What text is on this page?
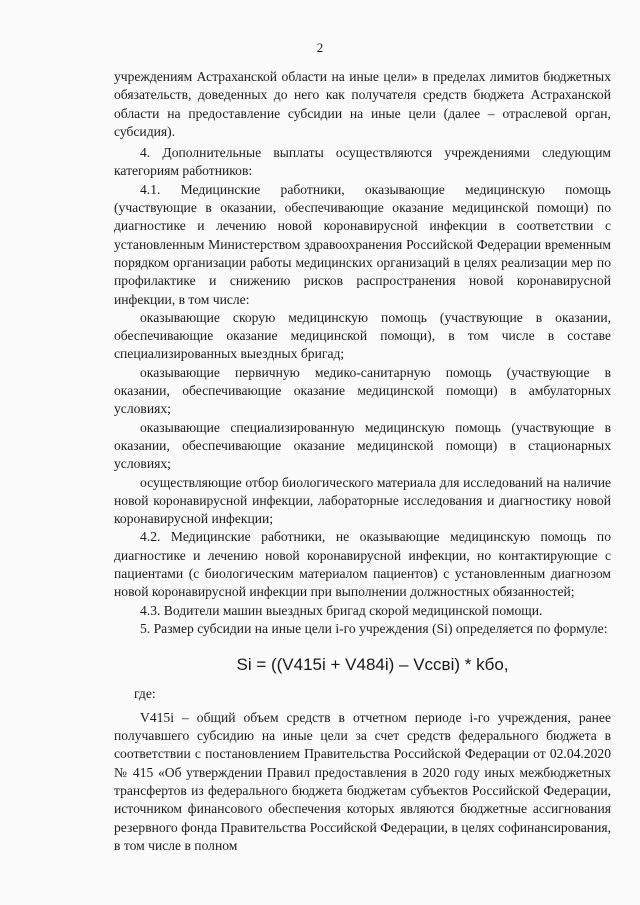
2

учреждениям Астраханской области на иные цели» в пределах лимитов бюджетных обязательств, доведенных до него как получателя средств бюджета Астраханской области на предоставление субсидии на иные цели (далее – отраслевой орган, субсидия).

4. Дополнительные выплаты осуществляются учреждениями следующим категориям работников:

4.1. Медицинские работники, оказывающие медицинскую помощь (участвующие в оказании, обеспечивающие оказание медицинской помощи) по диагностике и лечению новой коронавирусной инфекции в соответствии с установленным Министерством здравоохранения Российской Федерации временным порядком организации работы медицинских организаций в целях реализации мер по профилактике и снижению рисков распространения новой коронавирусной инфекции, в том числе:

оказывающие скорую медицинскую помощь (участвующие в оказании, обеспечивающие оказание медицинской помощи), в том числе в составе специализированных выездных бригад;

оказывающие первичную медико-санитарную помощь (участвующие в оказании, обеспечивающие оказание медицинской помощи) в амбулаторных условиях;

оказывающие специализированную медицинскую помощь (участвующие в оказании, обеспечивающие оказание медицинской помощи) в стационарных условиях;

осуществляющие отбор биологического материала для исследований на наличие новой коронавирусной инфекции, лабораторные исследования и диагностику новой коронавирусной инфекции;

4.2. Медицинские работники, не оказывающие медицинскую помощь по диагностике и лечению новой коронавирусной инфекции, но контактирующие с пациентами (с биологическим материалом пациентов) с установленным диагнозом новой коронавирусной инфекции при выполнении должностных обязанностей;

4.3. Водители машин выездных бригад скорой медицинской помощи.

5. Размер субсидии на иные цели i-го учреждения (Si) определяется по формуле:

Si = ((V415i + V484i) – Vccвi) * kбо,
где:

V415i – общий объем средств в отчетном периоде i-го учреждения, ранее получавшего субсидию на иные цели за счет средств федерального бюджета в соответствии с постановлением Правительства Российской Федерации от 02.04.2020 № 415 «Об утверждении Правил предоставления в 2020 году иных межбюджетных трансфертов из федерального бюджета бюджетам субъектов Российской Федерации, источником финансового обеспечения которых являются бюджетные ассигнования резервного фонда Правительства Российской Федерации, в целях софинансирования, в том числе в полном
